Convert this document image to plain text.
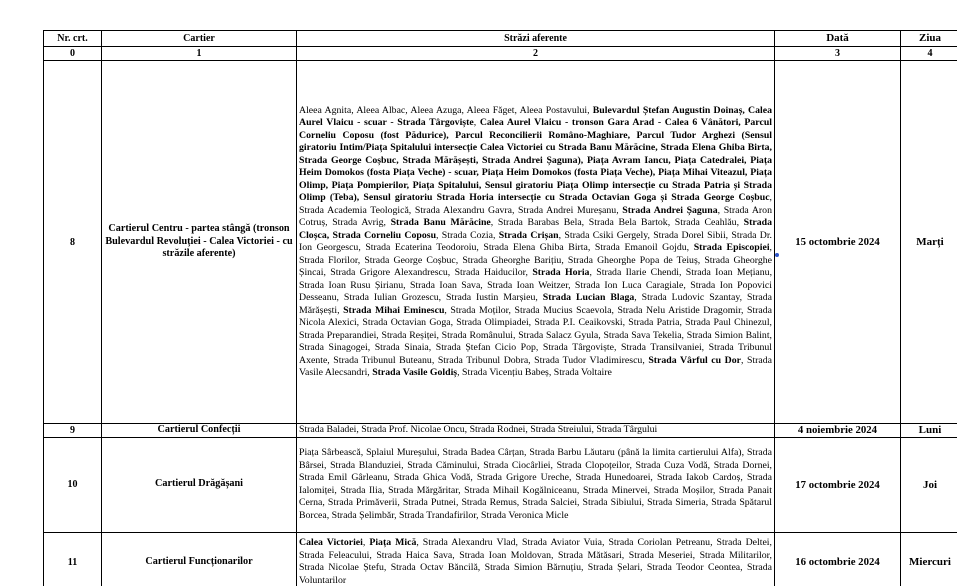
Nr. crt.	Cartier	Străzi aferente	Dată	Ziua
0	1	2	3	4
8	Cartierul Centru - partea stângă (tronson Bulevardul Revoluției - Calea Victoriei - cu străzile aferente)	Aleea Agnita, Aleea Albac, Aleea Azuga, Aleea Făget, Aleea Postavului, Bulevardul Ștefan Augustin Doinaș, Calea Aurel Vlaicu - scuar - Strada Târgoviște, Calea Aurel Vlaicu - tronson Gara Arad - Calea 6 Vânători, Parcul Corneliu Coposu (fost Pădurice), Parcul Reconcilierii Româno-Maghiare, Parcul Tudor Arghezi (Sensul giratoriu Intim/Piața Spitalului intersecție Calea Victoriei cu Strada Banu Mărăcine, Strada Elena Ghiba Birta, Strada George Coșbuc, Strada Mărășești, Strada Andrei Șaguna), Piața Avram Iancu, Piața Catedralei, Piața Heim Domokos (fosta Piața Veche) - scuar, Piața Heim Domokos (fosta Piața Veche), Piața Mihai Viteazul, Piața Olimp, Piața Pompierilor, Piața Spitalului, Sensul giratoriu Piața Olimp intersecție cu Strada Patria și Strada Olimp (Teba), Sensul giratoriu Strada Horia intersecție cu Strada Octavian Goga și Strada George Coșbuc, Strada Academia Teologică, Strada Alexandru Gavra, Strada Andrei Mureșanu, Strada Andrei Șaguna, Strada Aron Cotruș, Strada Avrig, Strada Banu Mărăcine, Strada Barabas Bela, Strada Bela Bartok, Strada Ceahlău, Strada Cloșca, Strada Corneliu Coposu, Strada Cozia, Strada Crișan, Strada Csiki Gergely, Strada Dorel Sibii, Strada Dr. Ion Georgescu, Strada Ecaterina Teodoroiu, Strada Elena Ghiba Birta, Strada Emanoil Gojdu, Strada Episcopiei, Strada Florilor, Strada George Coșbuc, Strada Gheorghe Barițiu, Strada Gheorghe Popa de Teiuș, Strada Gheorghe Șincai, Strada Grigore Alexandrescu, Strada Haiducilor, Strada Horia, Strada Ilarie Chendi, Strada Ioan Mețianu, Strada Ioan Rusu Șirianu, Strada Ioan Sava, Strada Ioan Weitzer, Strada Ion Luca Caragiale, Strada Ion Popovici Desseanu, Strada Iulian Grozescu, Strada Iustin Marșieu, Strada Lucian Blaga, Strada Ludovic Szantay, Strada Mărășești, Strada Mihai Eminescu, Strada Moților, Strada Mucius Scaevola, Strada Nelu Aristide Dragomir, Strada Nicola Alexici, Strada Octavian Goga, Strada Olimpiadei, Strada P.I. Ceaikovski, Strada Patria, Strada Paul Chinezul, Strada Preparandiei, Strada Reșiței, Strada Românului, Strada Salacz Gyula, Strada Sava Tekelia, Strada Simion Balint, Strada Sinagogei, Strada Sinaia, Strada Ștefan Cicio Pop, Strada Târgoviște, Strada Transilvaniei, Strada Tribunul Axente, Strada Tribunul Buteanu, Strada Tribunul Dobra, Strada Tudor Vladimirescu, Strada Vârful cu Dor, Strada Vasile Alecsandri, Strada Vasile Goldiș, Strada Vicențiu Babeș, Strada Voltaire	15 octombrie 2024	Marți
9	Cartierul Confecții	Strada Baladei, Strada Prof. Nicolae Oncu, Strada Rodnei, Strada Streiului, Strada Târgului	4 noiembrie 2024	Luni
10	Cartierul Drăgășani	Piața Sârbească, Splaiul Mureșului, Strada Badea Cârțan, Strada Barbu Lăutaru (până la limita cartierului Alfa), Strada Bârsei, Strada Blanduziei, Strada Căminului, Strada Ciocârliei, Strada Clopoțeilor, Strada Cuza Vodă, Strada Dornei, Strada Emil Gârleanu, Strada Ghica Vodă, Strada Grigore Ureche, Strada Hunedoarei, Strada Iakob Cardoș, Strada Ialomiței, Strada Ilia, Strada Mărgăritar, Strada Mihail Kogălniceanu, Strada Minervei, Strada Moșilor, Strada Panait Cerna, Strada Primăverii, Strada Putnei, Strada Remus, Strada Salciei, Strada Sibiului, Strada Simeria, Strada Spătarul Borcea, Strada Șelimbăr, Strada Trandafirilor, Strada Veronica Micle	17 octombrie 2024	Joi
11	Cartierul Funcționarilor	Calea Victoriei, Piața Mică, Strada Alexandru Vlad, Strada Aviator Vuia, Strada Coriolan Petreanu, Strada Deltei, Strada Feleacului, Strada Haica Sava, Strada Ioan Moldovan, Strada Mătăsari, Strada Meseriei, Strada Militarilor, Strada Nicolae Ștefu, Strada Octav Băncilă, Strada Simion Bărnuțiu, Strada Șelari, Strada Teodor Ceontea, Strada Voluntarilor	16 octombrie 2024	Miercuri
